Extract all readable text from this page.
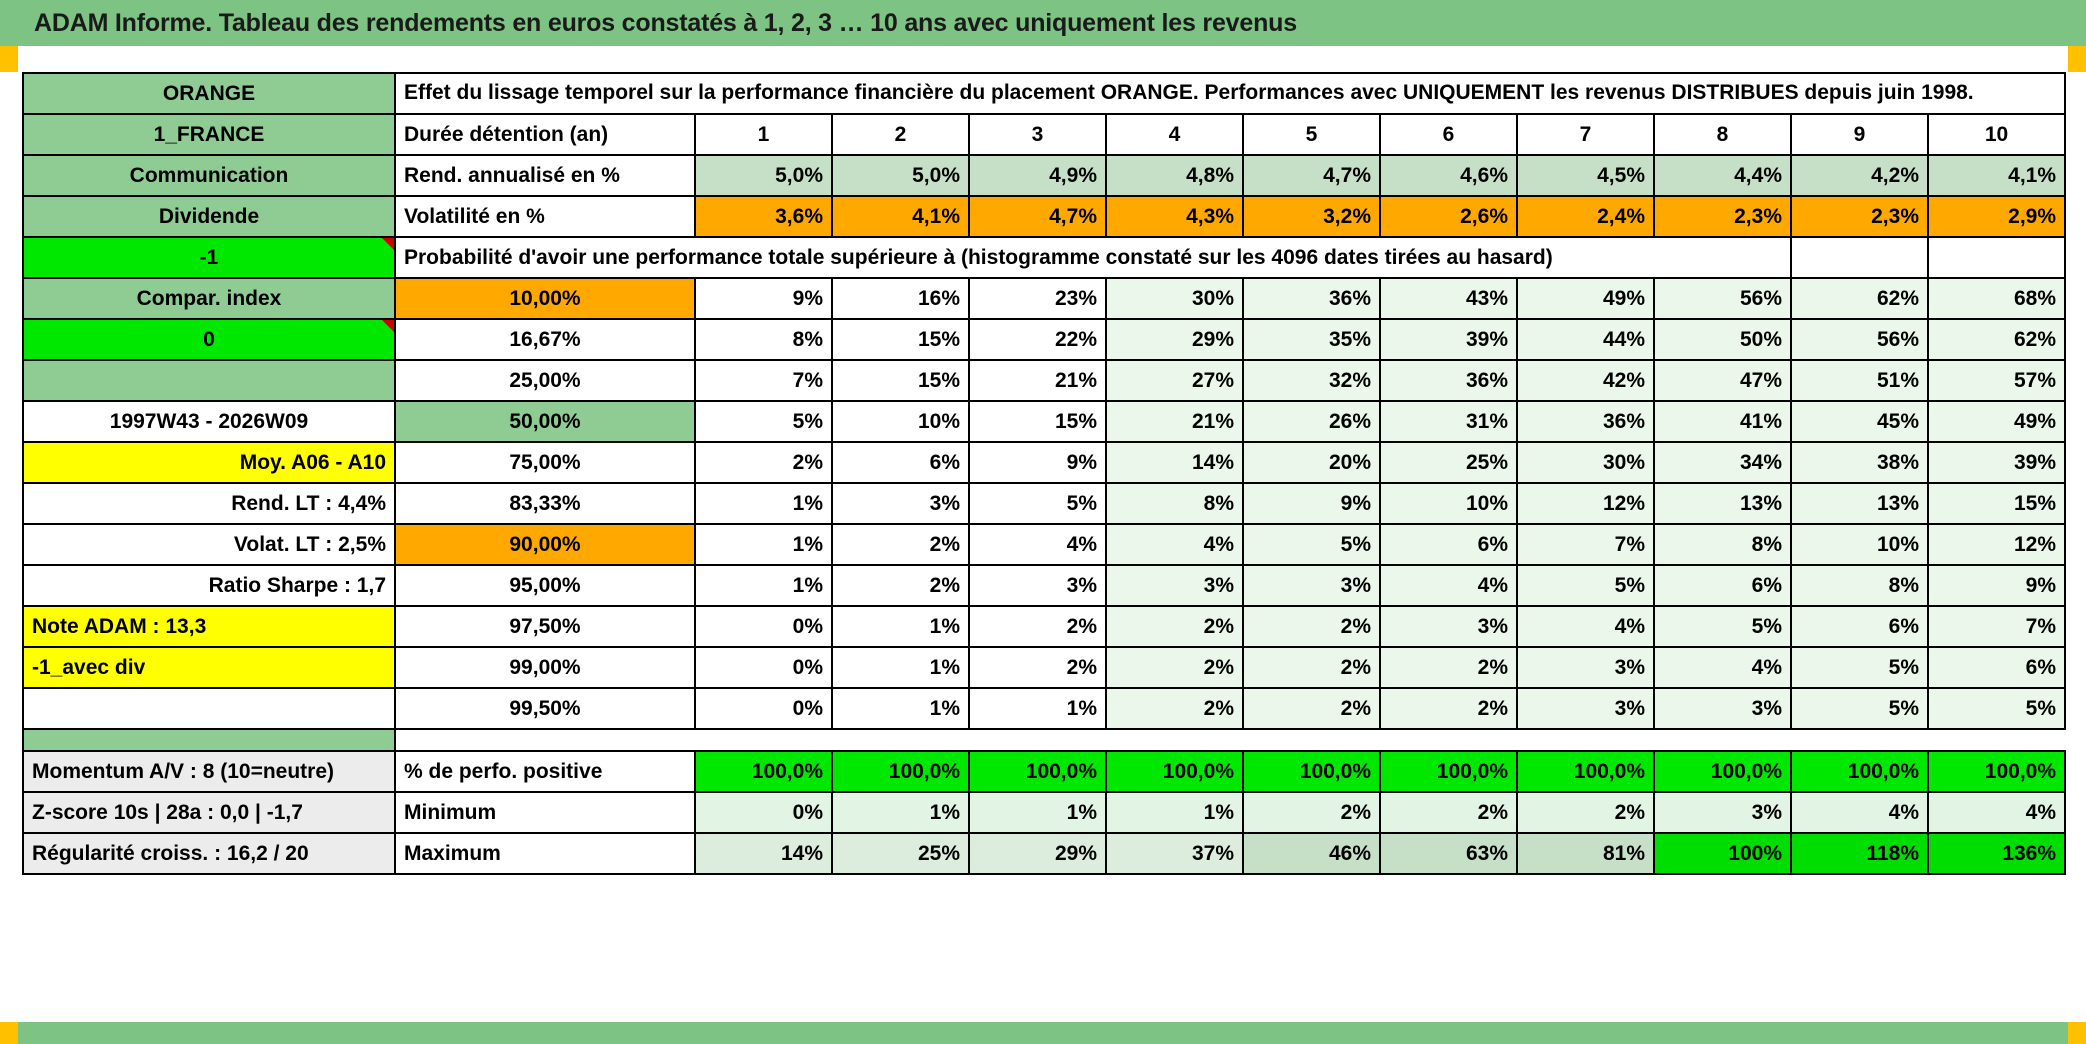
ADAM Informe. Tableau des rendements en euros constatés à 1, 2, 3 … 10 ans avec uniquement les revenus
ORANGE	Effet du lissage temporel sur la performance financière du placement ORANGE. Performances avec UNIQUEMENT les revenus DISTRIBUES depuis juin 1998.										
1_FRANCE	Durée détention (an)	1	2	3	4	5	6	7	8	9	10
Communication	Rend. annualisé en %	5,0%	5,0%	4,9%	4,8%	4,7%	4,6%	4,5%	4,4%	4,2%	4,1%
Dividende	Volatilité en %	3,6%	4,1%	4,7%	4,3%	3,2%	2,6%	2,4%	2,3%	2,3%	2,9%
-1	Probabilité d'avoir une performance totale supérieure à (histogramme constaté sur les 4096 dates tirées au hasard)										
Compar. index	10,00%	9%	16%	23%	30%	36%	43%	49%	56%	62%	68%
0	16,67%	8%	15%	22%	29%	35%	39%	44%	50%	56%	62%
	25,00%	7%	15%	21%	27%	32%	36%	42%	47%	51%	57%
1997W43 - 2026W09	50,00%	5%	10%	15%	21%	26%	31%	36%	41%	45%	49%
Moy. A06 - A10	75,00%	2%	6%	9%	14%	20%	25%	30%	34%	38%	39%
Rend. LT : 4,4%	83,33%	1%	3%	5%	8%	9%	10%	12%	13%	13%	15%
Volat. LT : 2,5%	90,00%	1%	2%	4%	4%	5%	6%	7%	8%	10%	12%
Ratio Sharpe : 1,7	95,00%	1%	2%	3%	3%	3%	4%	5%	6%	8%	9%
Note ADAM : 13,3	97,50%	0%	1%	2%	2%	2%	3%	4%	5%	6%	7%
-1_avec div	99,00%	0%	1%	2%	2%	2%	2%	3%	4%	5%	6%
	99,50%	0%	1%	1%	2%	2%	2%	3%	3%	5%	5%

Momentum A/V : 8 (10=neutre)	% de perfo. positive	100,0%	100,0%	100,0%	100,0%	100,0%	100,0%	100,0%	100,0%	100,0%	100,0%
Z-score 10s | 28a : 0,0 | -1,7	Minimum	0%	1%	1%	1%	2%	2%	2%	3%	4%	4%
Régularité croiss. : 16,2 / 20	Maximum	14%	25%	29%	37%	46%	63%	81%	100%	118%	136%
